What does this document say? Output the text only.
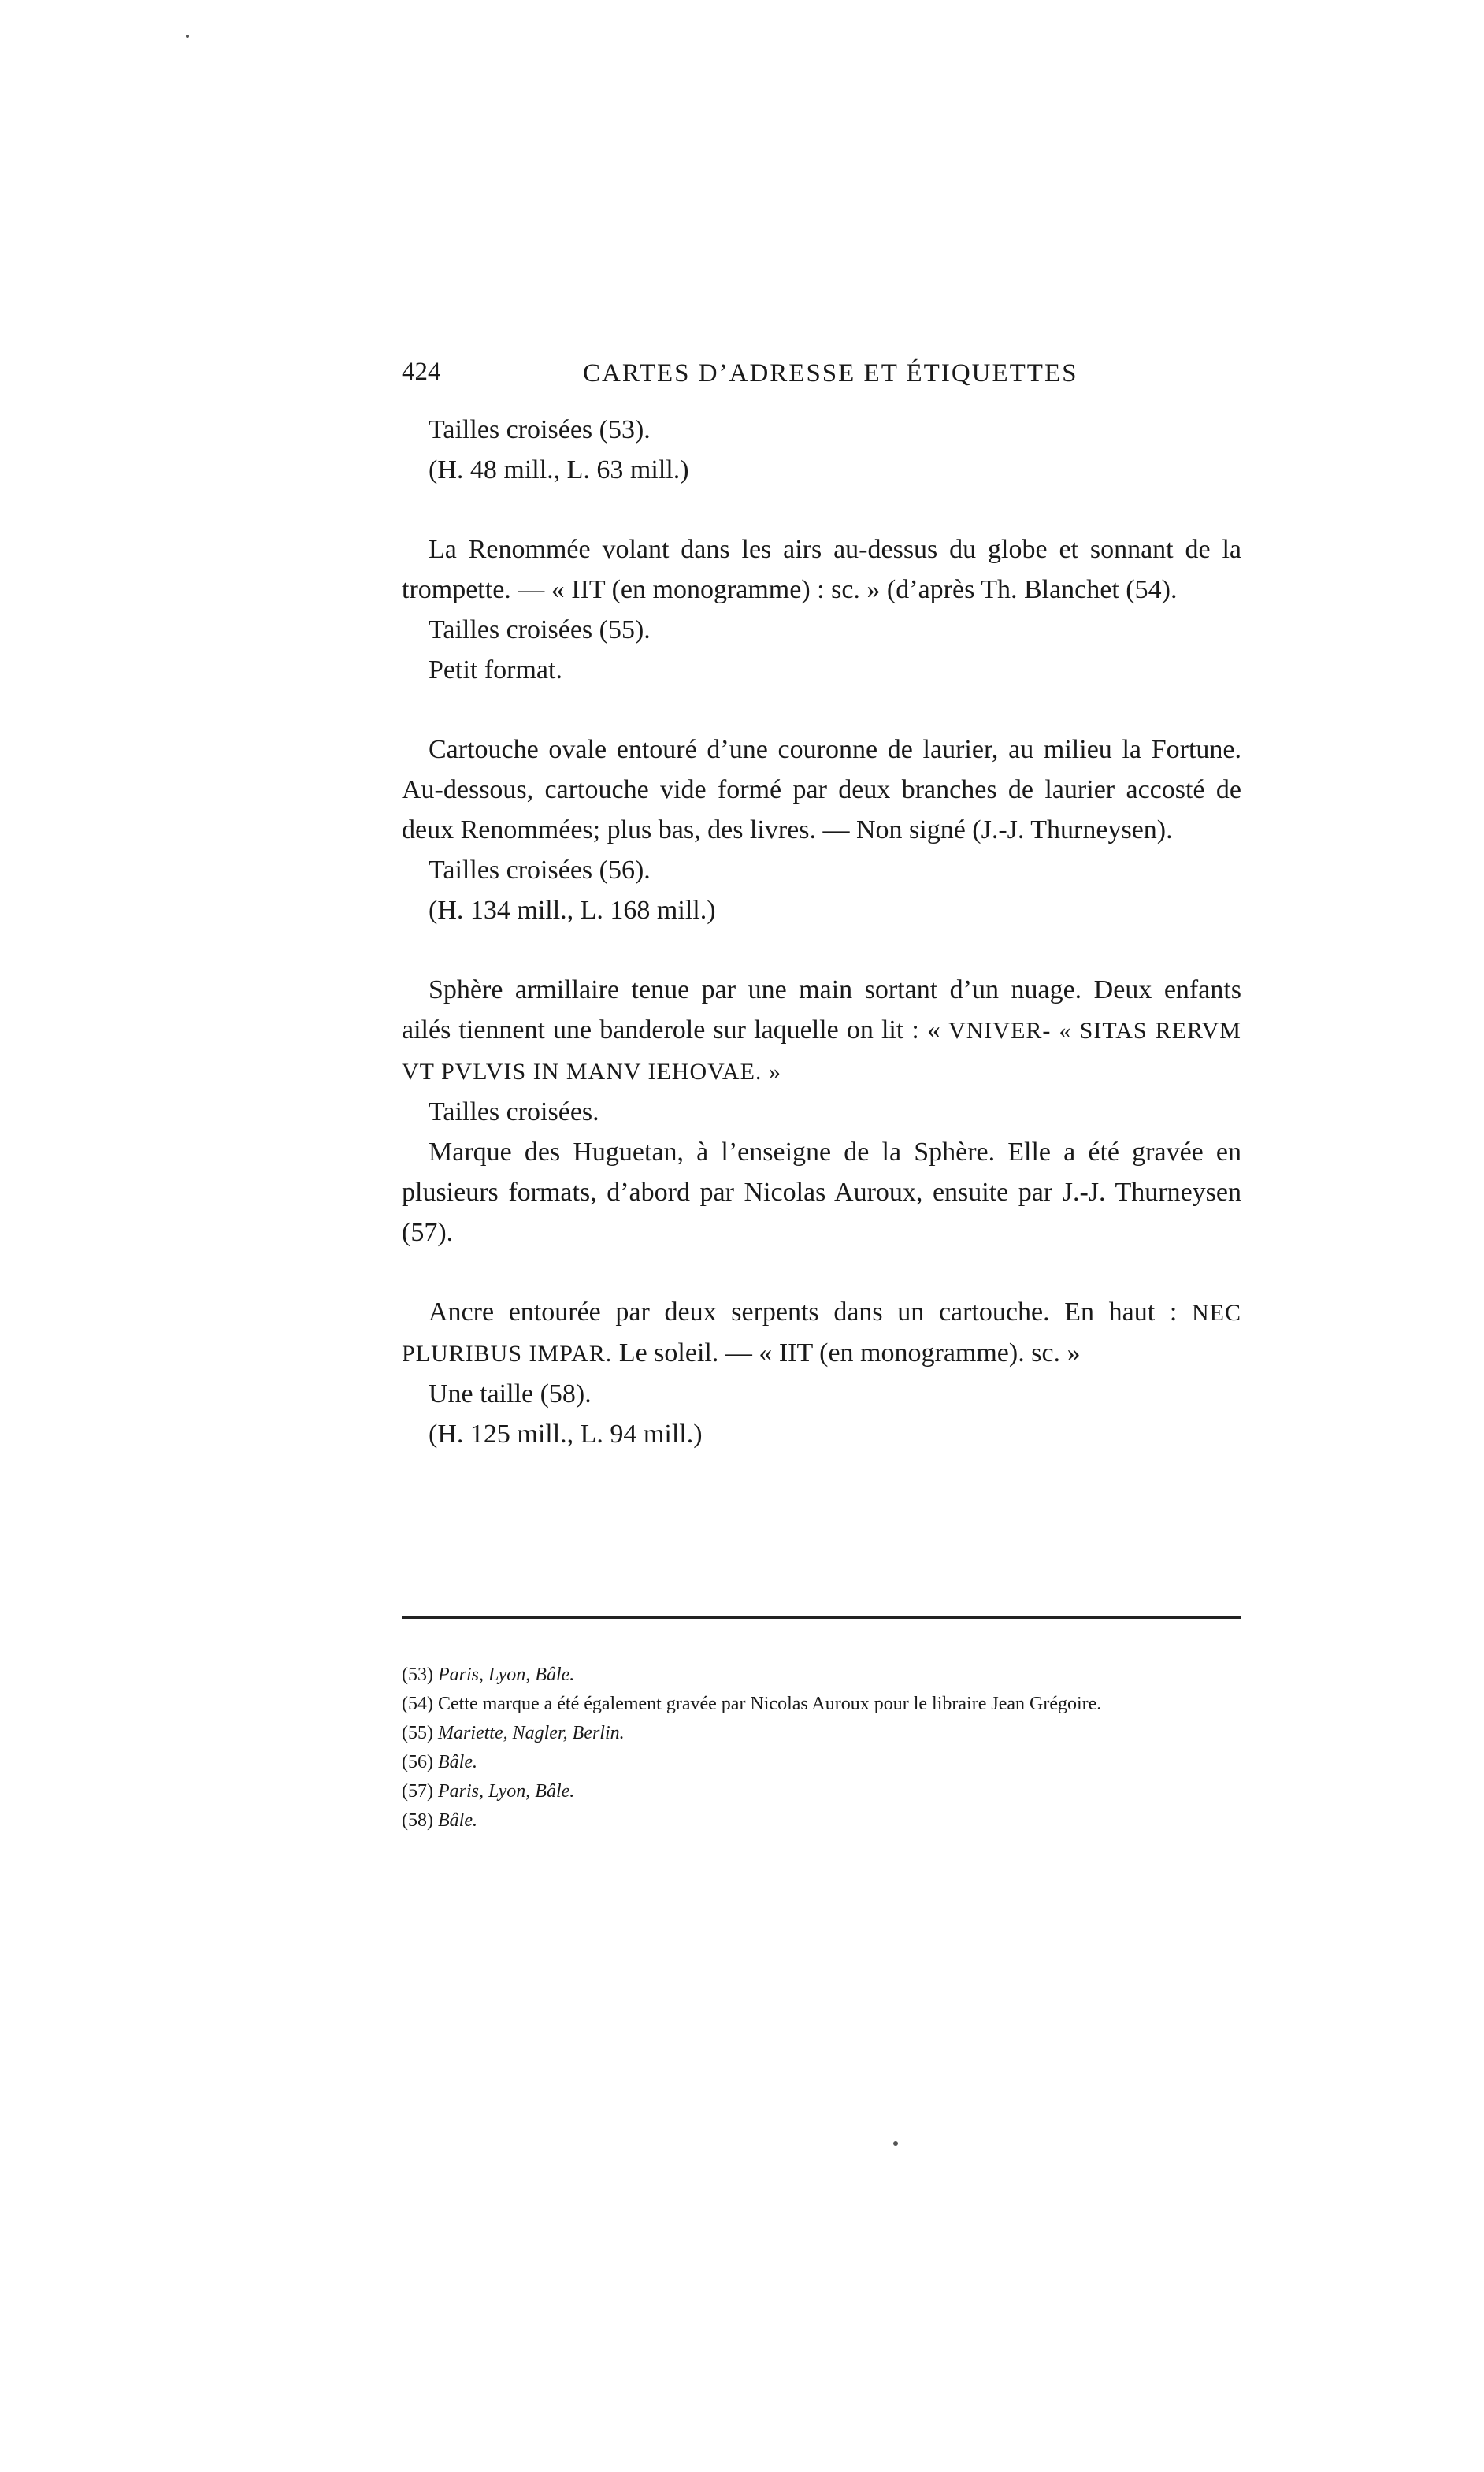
424	CARTES D’ADRESSE ET ÉTIQUETTES

Tailles croisées (53).

(H. 48 mill., L. 63 mill.)

La Renommée volant dans les airs au-dessus du globe et sonnant de la trompette. — « IIT (en monogramme) : sc. » (d’après Th. Blanchet (54).

Tailles croisées (55).

Petit format.

Cartouche ovale entouré d’une couronne de laurier, au milieu la Fortune. Au-dessous, cartouche vide formé par deux branches de laurier accosté de deux Renommées; plus bas, des livres. — Non signé (J.-J. Thurneysen).

Tailles croisées (56).

(H. 134 mill., L. 168 mill.)

Sphère armillaire tenue par une main sortant d’un nuage. Deux enfants ailés tiennent une banderole sur laquelle on lit : « VNIVER- « SITAS RERVM VT PVLVIS IN MANV IEHOVAE. »

Tailles croisées.

Marque des Huguetan, à l’enseigne de la Sphère. Elle a été gravée en plusieurs formats, d’abord par Nicolas Auroux, ensuite par J.-J. Thurneysen (57).

Ancre entourée par deux serpents dans un cartouche. En haut : NEC PLURIBUS IMPAR. Le soleil. — « IIT (en monogramme). sc. »

Une taille (58).

(H. 125 mill., L. 94 mill.)

(53) Paris, Lyon, Bâle.

(54) Cette marque a été également gravée par Nicolas Auroux pour le libraire Jean Grégoire.

(55) Mariette, Nagler, Berlin.

(56) Bâle.

(57) Paris, Lyon, Bâle.

(58) Bâle.
